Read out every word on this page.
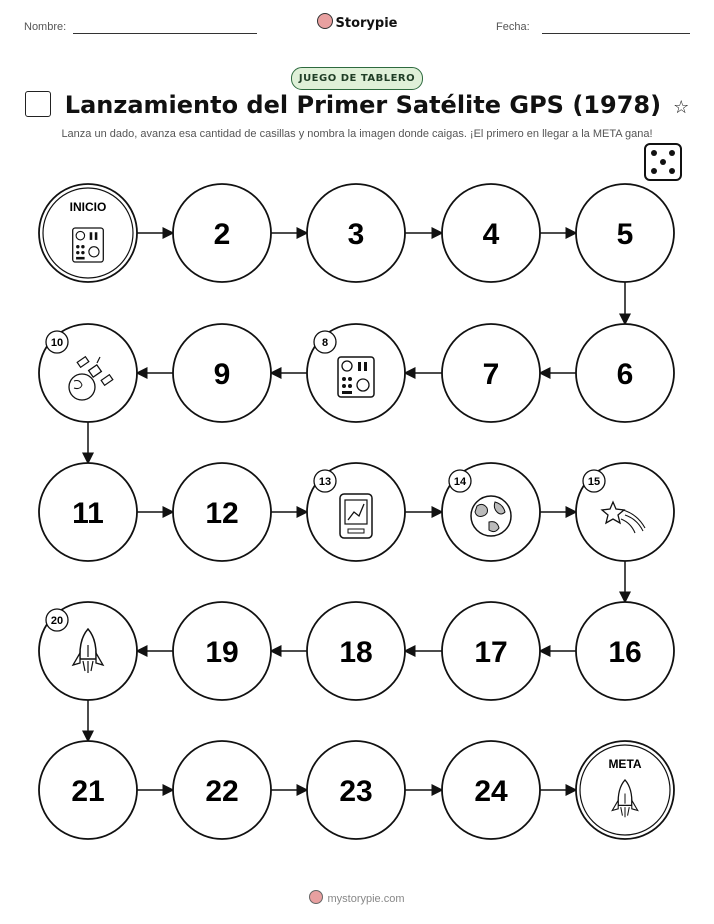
Nombre:	Storypie	Fecha:
JUEGO DE TABLERO
Lanzamiento del Primer Satélite GPS (1978) ☆
Lanza un dado, avanza esa cantidad de casillas y nombra la imagen donde caigas. ¡El primero en llegar a la META gana!
INICIO
2	3	4	5
10
9
8
7	6
11	12
13	14	15
20
19	18	17	16
21	22	23	24
META
mystorypie.com
